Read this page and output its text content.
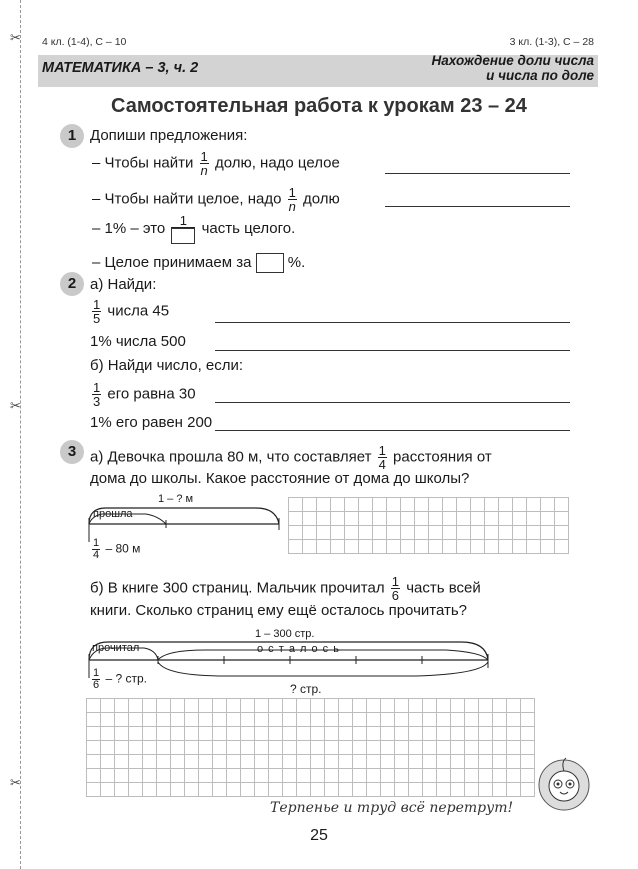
✂
✂
✂
4 кл. (1-4), С – 10	3 кл. (1-3), С – 28
МАТЕМАТИКА – 3, ч. 2	Нахождение доли числа
и числа по доле
Самостоятельная работа к урокам 23 – 24
1 Допиши предложения:
– Чтобы найти $\frac{1}{n}$ долю, надо целое
– Чтобы найти целое, надо $\frac{1}{n}$ долю
– 1% – это	1 часть целого.
– Целое принимаем за %.
2 а) Найди:
$\frac{1}{5}$ числа 45
1% числа 500
б) Найди число, если:
$\frac{1}{3}$ его равна 30
1% его равен 200
3 а) Девочка прошла 80 м, что составляет $\frac{1}{4}$ расстояния от
дома до школы. Какое расстояние от дома до школы?
1 – ? м
прошла
$\frac{1}{4} - 80$ м
б) В книге 300 страниц. Мальчик прочитал $\frac{1}{6}$ часть всей
книги. Сколько страниц ему ещё осталось прочитать?
1 – 300 стр.
прочитал	о с т а л о с ь
$\frac{1}{6}$ – ? стр.
? стр.
Терпенье и труд всё перетрут!
25
